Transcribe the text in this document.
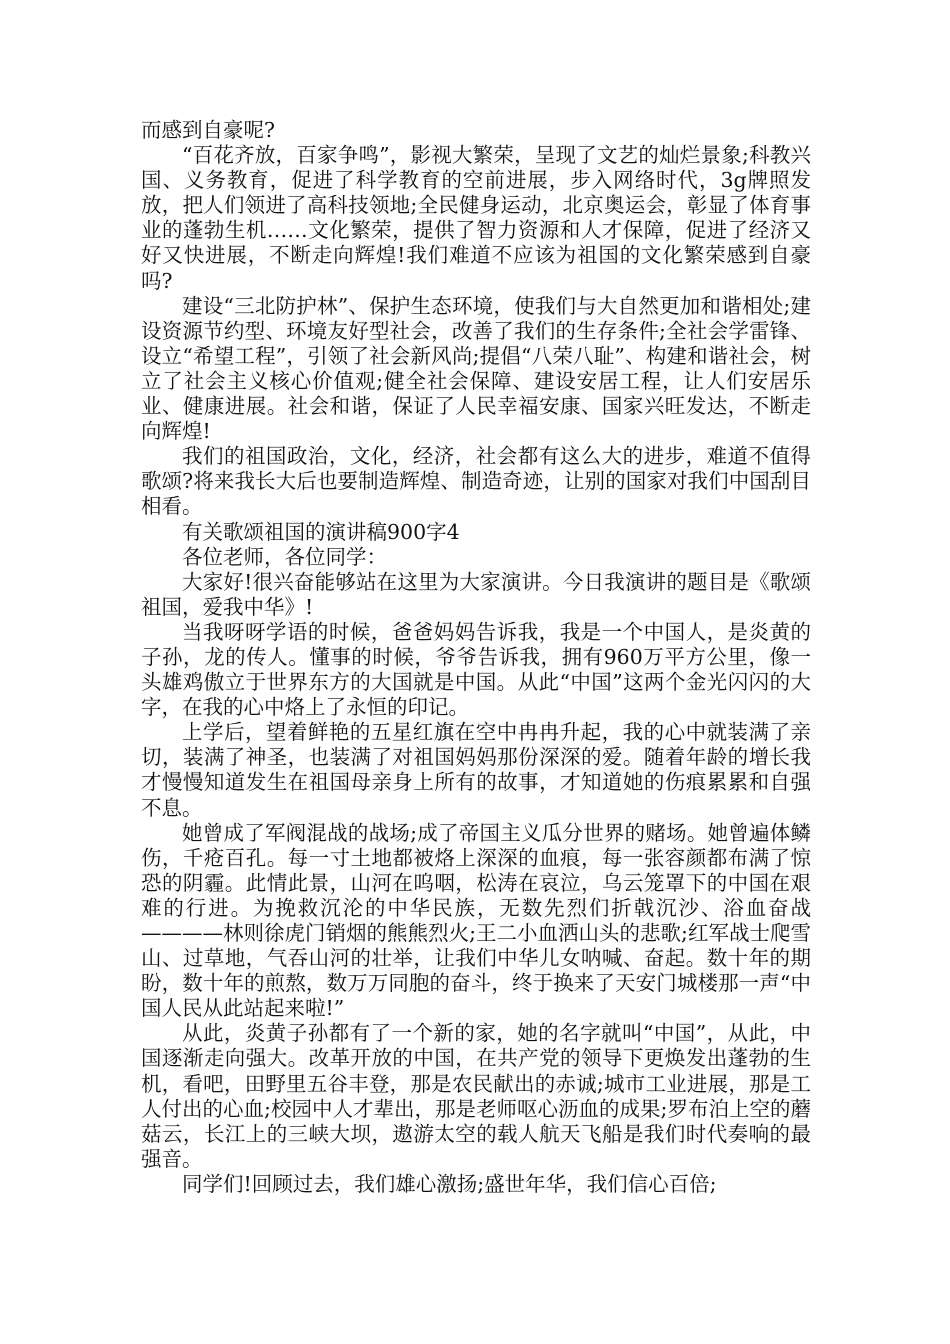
而感到自豪呢?

“百花齐放，百家争鸣”，影视大繁荣，呈现了文艺的灿烂景象;科教兴国、义务教育，促进了科学教育的空前进展，步入网络时代，3g牌照发放，把人们领进了高科技领地;全民健身运动，北京奥运会，彰显了体育事业的蓬勃生机……文化繁荣，提供了智力资源和人才保障，促进了经济又好又快进展，不断走向辉煌!我们难道不应该为祖国的文化繁荣感到自豪吗?

建设“三北防护林”、保护生态环境，使我们与大自然更加和谐相处;建设资源节约型、环境友好型社会，改善了我们的生存条件;全社会学雷锋、设立“希望工程”，引领了社会新风尚;提倡“八荣八耻”、构建和谐社会，树立了社会主义核心价值观;健全社会保障、建设安居工程，让人们安居乐业、健康进展。社会和谐，保证了人民幸福安康、国家兴旺发达，不断走向辉煌!

我们的祖国政治，文化，经济，社会都有这么大的进步，难道不值得歌颂?将来我长大后也要制造辉煌、制造奇迹，让别的国家对我们中国刮目相看。

有关歌颂祖国的演讲稿900字4

各位老师，各位同学：

大家好!很兴奋能够站在这里为大家演讲。今日我演讲的题目是《歌颂祖国，爱我中华》!

当我呀呀学语的时候，爸爸妈妈告诉我，我是一个中国人，是炎黄的子孙，龙的传人。懂事的时候，爷爷告诉我，拥有960万平方公里，像一头雄鸡傲立于世界东方的大国就是中国。从此“中国”这两个金光闪闪的大字，在我的心中烙上了永恒的印记。

上学后，望着鲜艳的五星红旗在空中冉冉升起，我的心中就装满了亲切，装满了神圣，也装满了对祖国妈妈那份深深的爱。随着年龄的增长我才慢慢知道发生在祖国母亲身上所有的故事，才知道她的伤痕累累和自强不息。

她曾成了军阀混战的战场;成了帝国主义瓜分世界的赌场。她曾遍体鳞伤，千疮百孔。每一寸土地都被烙上深深的血痕，每一张容颜都布满了惊恐的阴霾。此情此景，山河在呜咽，松涛在哀泣，乌云笼罩下的中国在艰难的行进。为挽救沉沦的中华民族，无数先烈们折戟沉沙、浴血奋战————林则徐虎门销烟的熊熊烈火;王二小血洒山头的悲歌;红军战士爬雪山、过草地，气吞山河的壮举，让我们中华儿女呐喊、奋起。数十年的期盼，数十年的煎熬，数万万同胞的奋斗，终于换来了天安门城楼那一声“中国人民从此站起来啦!”

从此，炎黄子孙都有了一个新的家，她的名字就叫“中国”，从此，中国逐渐走向强大。改革开放的中国，在共产党的领导下更焕发出蓬勃的生机，看吧，田野里五谷丰登，那是农民献出的赤诚;城市工业进展，那是工人付出的心血;校园中人才辈出，那是老师呕心沥血的成果;罗布泊上空的蘑菇云，长江上的三峡大坝，遨游太空的载人航天飞船是我们时代奏响的最强音。

同学们!回顾过去，我们雄心激扬;盛世年华，我们信心百倍;
